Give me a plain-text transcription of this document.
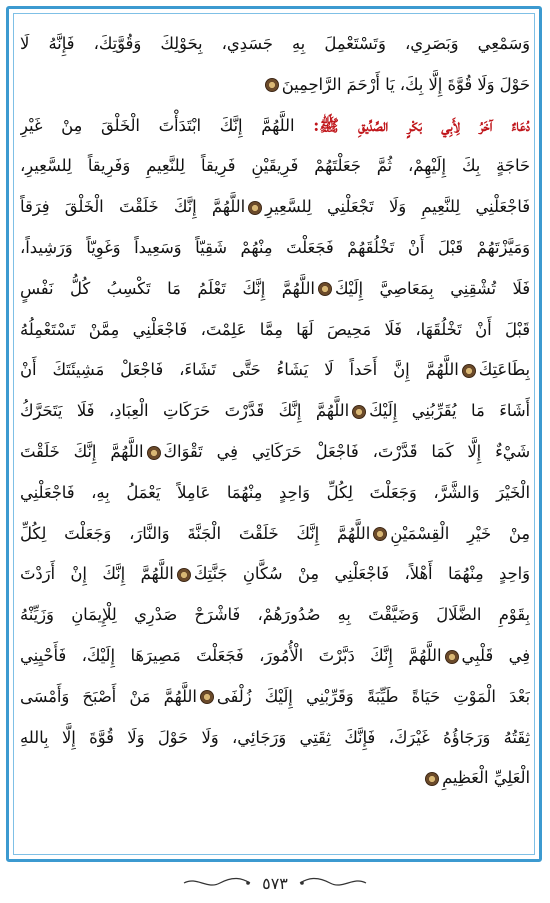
وَسَمْعِي وَبَصَرِي، وَتَسْتَعْمِلَ بِهِ جَسَدِي، بِحَوْلِكَ وَقُوَّتِكَ، فَإِنَّهُ لَا
حَوْلَ وَلَا قُوَّةَ إِلَّا بِكَ، يَا أَرْحَمَ الرَّاحِمِينَ
دُعَاءٌ آخَرُ لِأَبِي بَكْرٍ الصِّدِّيقِ ﷺ: اللَّهُمَّ إِنَّكَ ابْتَدَأْتَ الْخَلْقَ مِنْ غَيْرِ
حَاجَةٍ بِكَ إِلَيْهِمْ، ثُمَّ جَعَلْتَهُمْ فَرِيقَيْنِ فَرِيقاً لِلنَّعِيمِ وَفَرِيقاً لِلسَّعِيرِ،
فَاجْعَلْنِي لِلنَّعِيمِ وَلَا تَجْعَلْنِي لِلسَّعِيرِاللَّهُمَّ إِنَّكَ خَلَقْتَ الْخَلْقَ فِرَقاً
وَمَيَّزْتَهُمْ قَبْلَ أَنْ تَخْلُقَهُمْ فَجَعَلْتَ مِنْهُمْ شَقِيّاً وَسَعِيداً وَغَوِيّاً وَرَشِيداً،
فَلَا تُشْقِنِي بِمَعَاصِيَّ إِلَيْكَاللَّهُمَّ إِنَّكَ تَعْلَمُ مَا تَكْسِبُ كُلُّ نَفْسٍ
قَبْلَ أَنْ تَخْلُقَهَا، فَلَا مَحِيصَ لَهَا مِمَّا عَلِمْتَ، فَاجْعَلْنِي مِمَّنْ تَسْتَعْمِلُهُ
بِطَاعَتِكَاللَّهُمَّ إِنَّ أَحَداً لَا يَشَاءُ حَتَّى تَشَاءَ، فَاجْعَلْ مَشِيئَتَكَ أَنْ
أَشَاءَ مَا يُقَرِّبُنِي إِلَيْكَاللَّهُمَّ إِنَّكَ قَدَّرْتَ حَرَكَاتِ الْعِبَادِ، فَلَا يَتَحَرَّكُ
شَيْءٌ إِلَّا كَمَا قَدَّرْتَ، فَاجْعَلْ حَرَكَاتِي فِي تَقْوَاكَاللَّهُمَّ إِنَّكَ خَلَقْتَ
الْخَيْرَ وَالشَّرَّ، وَجَعَلْتَ لِكُلِّ وَاحِدٍ مِنْهُمَا عَامِلاً يَعْمَلُ بِهِ، فَاجْعَلْنِي
مِنْ خَيْرِ الْقِسْمَيْنِاللَّهُمَّ إِنَّكَ خَلَقْتَ الْجَنَّةَ وَالنَّارَ، وَجَعَلْتَ لِكُلِّ
وَاحِدٍ مِنْهُمَا أَهْلاً، فَاجْعَلْنِي مِنْ سُكَّانِ جَنَّتِكَاللَّهُمَّ إِنَّكَ إِنْ أَرَدْتَ
بِقَوْمِ الضَّلَالَ وَضَيَّقْتَ بِهِ صُدُورَهُمْ، فَاشْرَحْ صَدْرِي لِلْإِيمَانِ وَزَيِّنْهُ
فِي قَلْبِياللَّهُمَّ إِنَّكَ دَبَّرْتَ الْأُمُورَ، فَجَعَلْتَ مَصِيرَهَا إِلَيْكَ، فَأَحْيِنِي
بَعْدَ الْمَوْتِ حَيَاةً طَيِّبَةً وَقَرِّبْنِي إِلَيْكَ زُلْفَىاللَّهُمَّ مَنْ أَصْبَحَ وَأَمْسَى
ثِقَتُهُ وَرَجَاؤُهُ غَيْرَكَ، فَإِنَّكَ ثِقَتِي وَرَجَائِي، وَلَا حَوْلَ وَلَا قُوَّةَ إِلَّا بِاللهِ
الْعَلِيِّ الْعَظِيمِ
٥٧٣
